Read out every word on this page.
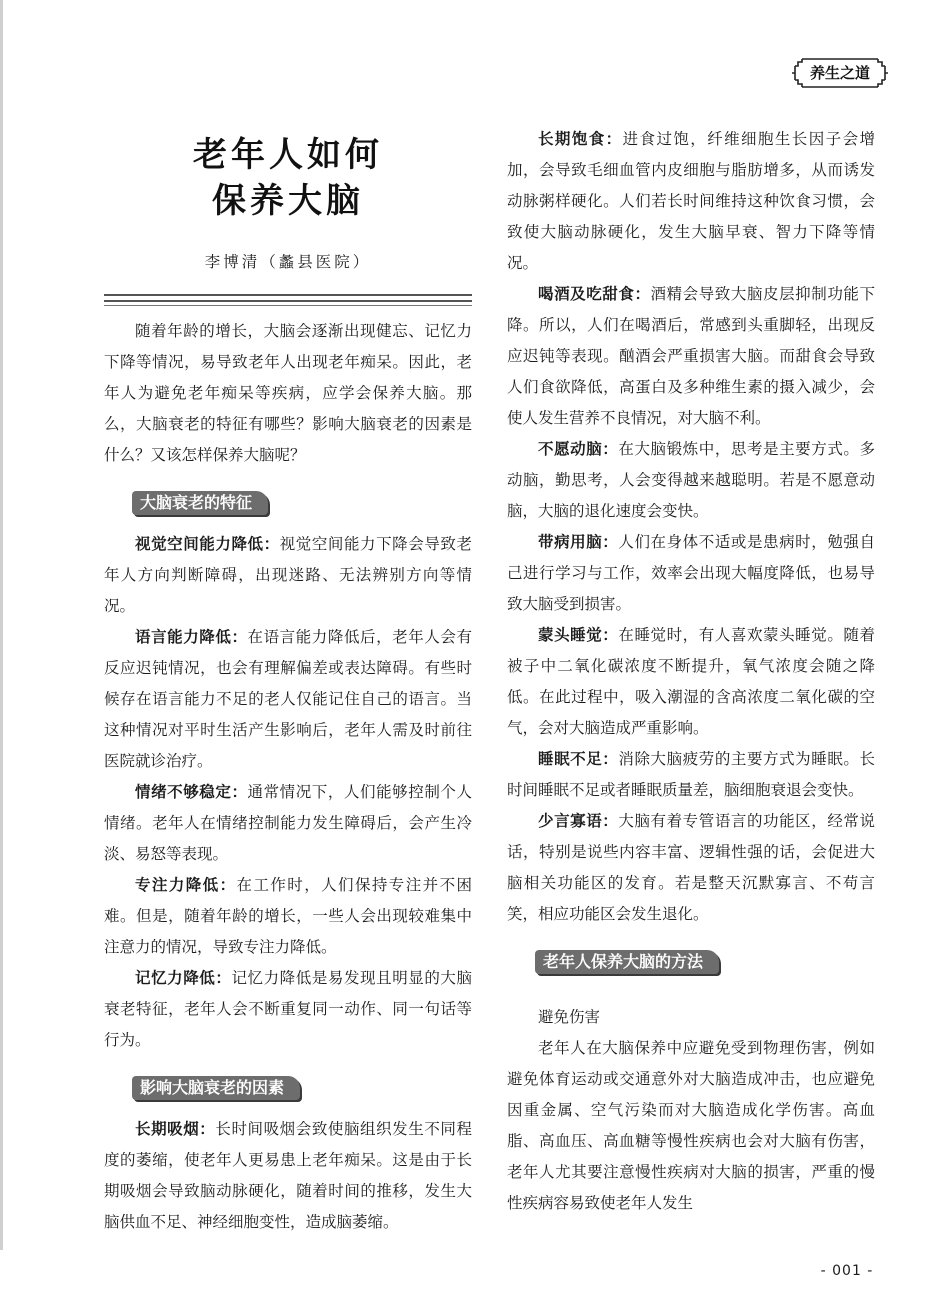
养生之道
老年人如何
保养大脑
李博清（蠡县医院）

随着年龄的增长，大脑会逐渐出现健忘、记忆力下降等情况，易导致老年人出现老年痴呆。因此，老年人为避免老年痴呆等疾病，应学会保养大脑。那么，大脑衰老的特征有哪些？影响大脑衰老的因素是什么？又该怎样保养大脑呢？

大脑衰老的特征

视觉空间能力降低：视觉空间能力下降会导致老年人方向判断障碍，出现迷路、无法辨别方向等情况。

语言能力降低：在语言能力降低后，老年人会有反应迟钝情况，也会有理解偏差或表达障碍。有些时候存在语言能力不足的老人仅能记住自己的语言。当这种情况对平时生活产生影响后，老年人需及时前往医院就诊治疗。

情绪不够稳定：通常情况下，人们能够控制个人情绪。老年人在情绪控制能力发生障碍后，会产生冷淡、易怒等表现。

专注力降低：在工作时，人们保持专注并不困难。但是，随着年龄的增长，一些人会出现较难集中注意力的情况，导致专注力降低。

记忆力降低：记忆力降低是易发现且明显的大脑衰老特征，老年人会不断重复同一动作、同一句话等行为。

影响大脑衰老的因素

长期吸烟：长时间吸烟会致使脑组织发生不同程度的萎缩，使老年人更易患上老年痴呆。这是由于长期吸烟会导致脑动脉硬化，随着时间的推移，发生大脑供血不足、神经细胞变性，造成脑萎缩。

长期饱食：进食过饱，纤维细胞生长因子会增加，会导致毛细血管内皮细胞与脂肪增多，从而诱发动脉粥样硬化。人们若长时间维持这种饮食习惯，会致使大脑动脉硬化，发生大脑早衰、智力下降等情况。

喝酒及吃甜食：酒精会导致大脑皮层抑制功能下降。所以，人们在喝酒后，常感到头重脚轻，出现反应迟钝等表现。酗酒会严重损害大脑。而甜食会导致人们食欲降低，高蛋白及多种维生素的摄入减少，会使人发生营养不良情况，对大脑不利。

不愿动脑：在大脑锻炼中，思考是主要方式。多动脑，勤思考，人会变得越来越聪明。若是不愿意动脑，大脑的退化速度会变快。

带病用脑：人们在身体不适或是患病时，勉强自己进行学习与工作，效率会出现大幅度降低，也易导致大脑受到损害。

蒙头睡觉：在睡觉时，有人喜欢蒙头睡觉。随着被子中二氧化碳浓度不断提升，氧气浓度会随之降低。在此过程中，吸入潮湿的含高浓度二氧化碳的空气，会对大脑造成严重影响。

睡眠不足：消除大脑疲劳的主要方式为睡眠。长时间睡眠不足或者睡眠质量差，脑细胞衰退会变快。

少言寡语：大脑有着专管语言的功能区，经常说话，特别是说些内容丰富、逻辑性强的话，会促进大脑相关功能区的发育。若是整天沉默寡言、不苟言笑，相应功能区会发生退化。

老年人保养大脑的方法

避免伤害

老年人在大脑保养中应避免受到物理伤害，例如避免体育运动或交通意外对大脑造成冲击，也应避免因重金属、空气污染而对大脑造成化学伤害。高血脂、高血压、高血糖等慢性疾病也会对大脑有伤害，老年人尤其要注意慢性疾病对大脑的损害，严重的慢性疾病容易致使老年人发生

- 001 -
